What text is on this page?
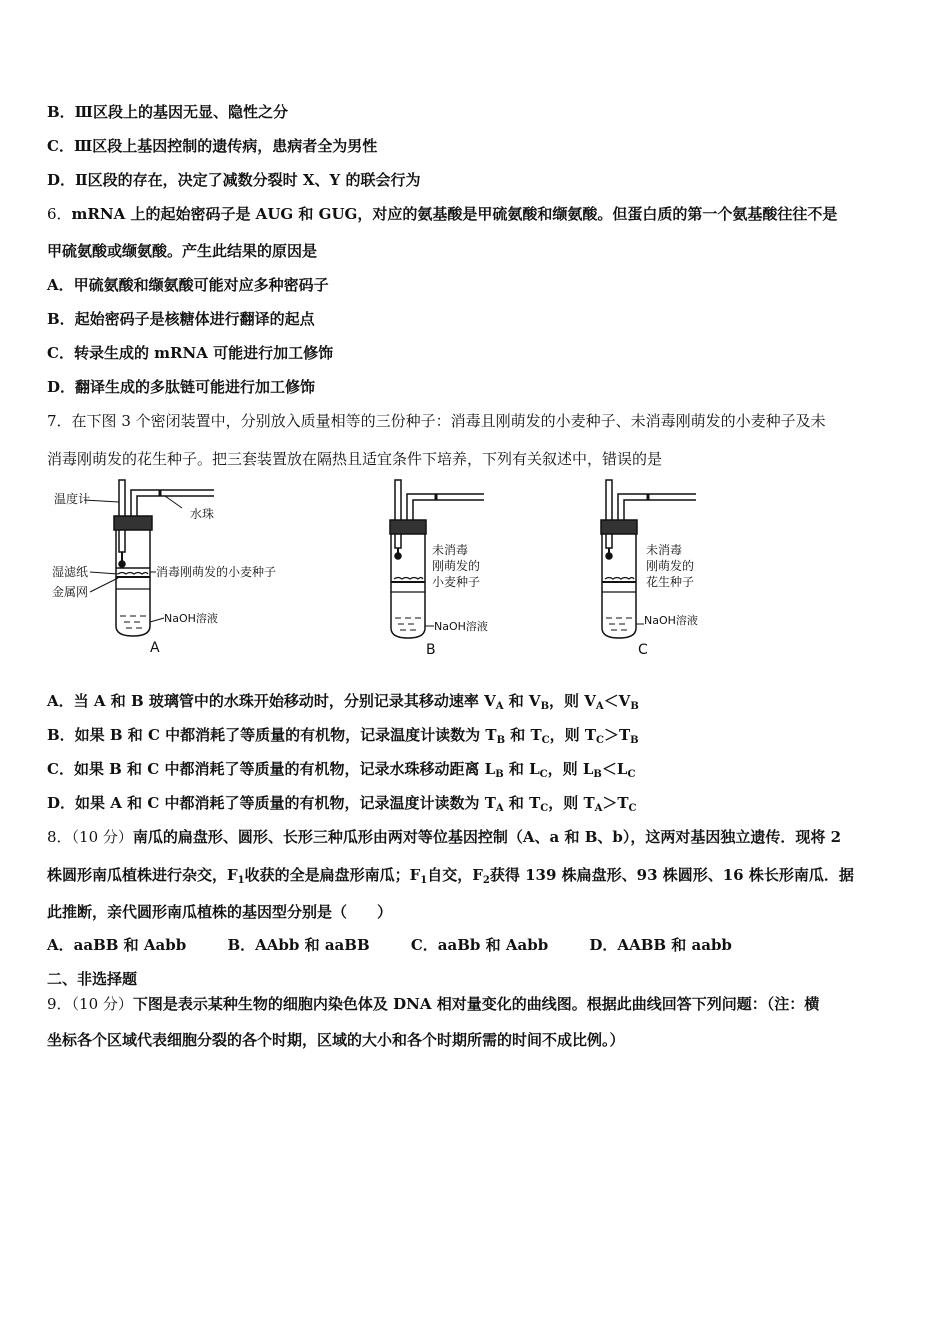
B．Ⅲ区段上的基因无显、隐性之分
C．Ⅲ区段上基因控制的遗传病，患病者全为男性
D．Ⅱ区段的存在，决定了减数分裂时 X、Y 的联会行为
6．mRNA 上的起始密码子是 AUG 和 GUG，对应的氨基酸是甲硫氨酸和缬氨酸。但蛋白质的第一个氨基酸往往不是
甲硫氨酸或缬氨酸。产生此结果的原因是
A．甲硫氨酸和缬氨酸可能对应多种密码子
B．起始密码子是核糖体进行翻译的起点
C．转录生成的 mRNA 可能进行加工修饰
D．翻译生成的多肽链可能进行加工修饰
7．在下图 3 个密闭装置中，分别放入质量相等的三份种子：消毒且刚萌发的小麦种子、未消毒刚萌发的小麦种子及未
消毒刚萌发的花生种子。把三套装置放在隔热且适宜条件下培养，下列有关叙述中，错误的是
温度计
水珠
湿滤纸
金属网
消毒刚萌发的小麦种子
NaOH溶液
未消毒
刚萌发的
小麦种子
NaOH溶液
未消毒
刚萌发的
花生种子
NaOH溶液
A	B	C
A．当 A 和 B 玻璃管中的水珠开始移动时，分别记录其移动速率 $V_A$ 和 $V_B$，则 $V_A<V_B$
B．如果 B 和 C 中都消耗了等质量的有机物，记录温度计读数为 $T_B$ 和 $T_C$，则 $T_C>T_B$
C．如果 B 和 C 中都消耗了等质量的有机物，记录水珠移动距离 $L_B$ 和 $L_C$，则 $L_B<L_C$
D．如果 A 和 C 中都消耗了等质量的有机物，记录温度计读数为 $T_A$ 和 $T_C$，则 $T_A>T_C$
8．（10 分）南瓜的扁盘形、圆形、长形三种瓜形由两对等位基因控制（A、a 和 B、b），这两对基因独立遗传．现将 2
株圆形南瓜植株进行杂交，$F_1$收获的全是扁盘形南瓜；$F_1$自交，$F_2$获得 139 株扁盘形、93 株圆形、16 株长形南瓜．据
此推断，亲代圆形南瓜植株的基因型分别是（　　）
A．aaBB 和 Aabb	B．AAbb 和 aaBB	C．aaBb 和 Aabb	D．AABB 和 aabb
二、非选择题
9．（10 分）下图是表示某种生物的细胞内染色体及 DNA 相对量变化的曲线图。根据此曲线回答下列问题：（注：横
坐标各个区域代表细胞分裂的各个时期，区域的大小和各个时期所需的时间不成比例。）
